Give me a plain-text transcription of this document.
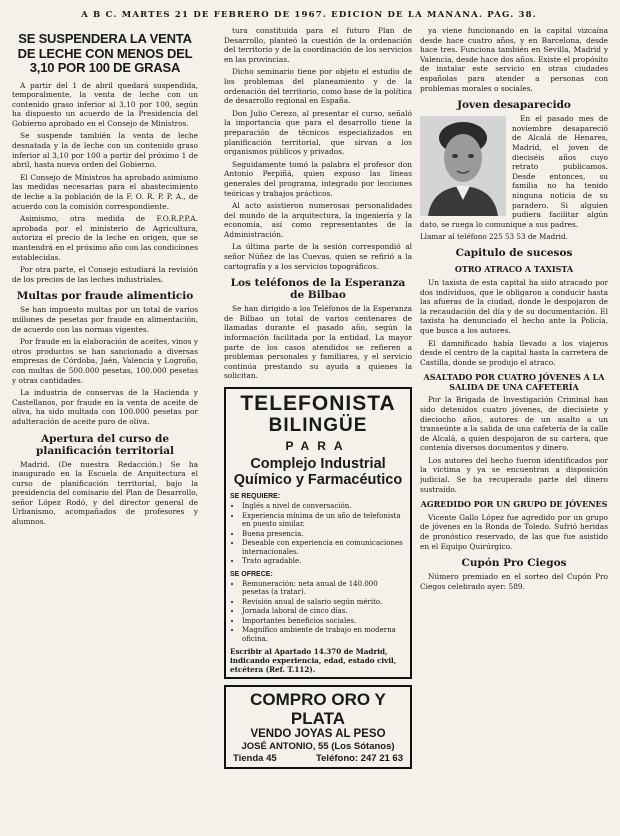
A B C. MARTES 21 DE FEBRERO DE 1967. EDICION DE LA MAÑANA. PAG. 38.
SE SUSPENDERA LA VENTA DE LECHE CON MENOS DEL 3,10 POR 100 DE GRASA

A partir del 1 de abril quedará suspendida, temporalmente, la venta de leche con un contenido graso inferior al 3,10 por 100, según ha dispuesto un acuerdo de la Presidencia del Gobierno aprobado en el Consejo de Ministros.

Se suspende también la venta de leche desnatada y la de leche con un contenido graso inferior al 3,10 por 100 a partir del próximo 1 de abril, hasta nueva orden del Gobierno.

El Consejo de Ministros ha aprobado asimismo las medidas necesarias para el abastecimiento de leche a la población de la F. O. R. P. P. A., de acuerdo con la comisión correspondiente.

Asimismo, otra medida de F.O.R.P.P.A. aprobada por el ministerio de Agricultura, autoriza el precio de la leche en origen, que se mantendrá en el próximo año con las condiciones establecidas.

Por otra parte, el Consejo estudiará la revisión de los precios de las leches industriales.

Multas por fraude alimenticio

Se han impuesto multas por un total de varios millones de pesetas por fraude en alimentación, de acuerdo con las normas vigentes.

Por fraude en la elaboración de aceites, vinos y otros productos se han sancionado a diversas empresas de Córdoba, Jaén, Valencia y Logroño, con multas de 500.000 pesetas, 100.000 pesetas y otras cantidades.

La industria de conservas de la Hacienda y Castellanos, por fraude en la venta de aceite de oliva, ha sido multada con 100.000 pesetas por adulteración de aceite puro de oliva.

Apertura del curso de planificación territorial

Madrid. (De nuestra Redacción.) Se ha inaugurado en la Escuela de Arquitectura el curso de planificación territorial, bajo la presidencia del comisario del Plan de Desarrollo, señor López Rodó, y del director general de Urbanismo, acompañados de profesores y alumnos.

tura constituida para el futuro Plan de Desarrollo, planteó la cuestión de la ordenación del territorio y de la coordinación de los servicios en las provincias.

Dicho seminario tiene por objeto el estudio de los problemas del planeamiento y de la ordenación del territorio, como base de la política de desarrollo regional en España.

Don Julio Cerezo, al presentar el curso, señaló la importancia que para el desarrollo tiene la preparación de técnicos especializados en planificación territorial, que sirvan a los organismos públicos y privados.

Seguidamente tomó la palabra el profesor don Antonio Perpiñá, quien expuso las líneas generales del programa, integrado por lecciones teóricas y trabajos prácticos.

Al acto asistieron numerosas personalidades del mundo de la arquitectura, la ingeniería y la economía, así como representantes de la Administración.

La última parte de la sesión correspondió al señor Núñez de las Cuevas, quien se refirió a la cartografía y a los servicios topográficos.

Los teléfonos de la Esperanza de Bilbao

Se han dirigido a los Teléfonos de la Esperanza de Bilbao un total de varios centenares de llamadas durante el pasado año, según la información facilitada por la entidad. La mayor parte de los casos atendidos se refieren a problemas personales y familiares, y el servicio continúa prestando su ayuda a quienes la solicitan.

TELEFONISTA
BILINGÜE
PARA
Complejo Industrial
Químico y Farmacéutico
SE REQUIERE:
• Inglés a nivel de conversación.
• Experiencia mínima de un año de telefonista en puesto similar.
• Buena presencia.
• Deseable con experiencia en comunicaciones internacionales.
• Trato agradable.
SE OFRECE:
• Remuneración: neta anual de 140.000 pesetas (a tratar).
• Revisión anual de salario según mérito.
• Jornada laboral de cinco días.
• Importantes beneficios sociales.
• Magnífico ambiente de trabajo en moderna oficina.
Escribir al Apartado 14.370 de Madrid, indicando experiencia, edad, estado civil, etcétera (Ref. T.112).
COMPRO ORO Y PLATA
VENDO JOYAS AL PESO
JOSÉ ANTONIO, 55 (Los Sótanos)
Tienda 45	Teléfono: 247 21 63

ya viene funcionando en la capital vizcaína desde hace cuatro años, y en Barcelona, desde hace tres. Funciona también en Sevilla, Madrid y Valencia, desde hace dos años. Existe el propósito de instalar este servicio en otras ciudades españolas para atender a personas con problemas morales o sociales.

Joven desaparecido

En el pasado mes de noviembre desapareció de Alcalá de Henares, Madrid, el joven de dieciséis años cuyo retrato publicamos. Desde entonces, su familia no ha tenido ninguna noticia de su paradero. Si alguien pudiera facilitar algún dato, se ruega lo comunique a sus padres.

Llamar al teléfono 225 53 53 de Madrid.
Capitulo de sucesos
OTRO ATRACO A TAXISTA

Un taxista de esta capital ha sido atracado por dos individuos, que le obligaron a conducir hasta las afueras de la ciudad, donde le despojaron de la recaudación del día y de su documentación. El taxista ha denunciado el hecho ante la Policía, que busca a los autores.

El damnificado había llevado a los viajeros desde el centro de la capital hasta la carretera de Castilla, donde se produjo el atraco.

ASALTADO POR CUATRO JÓVENES A LA SALIDA DE UNA CAFETERÍA

Por la Brigada de Investigación Criminal han sido detenidos cuatro jóvenes, de diecisiete y dieciocho años, autores de un asalto a un transeúnte a la salida de una cafetería de la calle de Alcalá, a quien despojaron de su cartera, que contenía diversos documentos y dinero.

Los autores del hecho fueron identificados por la víctima y ya se encuentran a disposición judicial. Se ha recuperado parte del dinero sustraído.

AGREDIDO POR UN GRUPO DE JÓVENES

Vicente Gallo López fue agredido por un grupo de jóvenes en la Ronda de Toledo. Sufrió heridas de pronóstico reservado, de las que fue asistido en el Equipo Quirúrgico.

Cupón Pro Ciegos

Número premiado en el sorteo del Cupón Pro Ciegos celebrado ayer: 589.
